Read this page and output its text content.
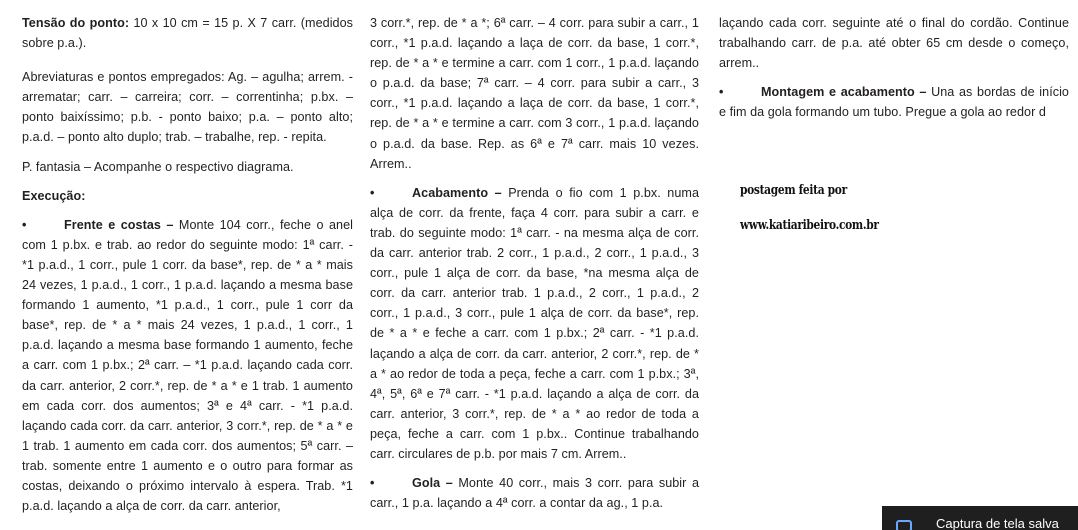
Tensão do ponto: 10 x 10 cm = 15 p. X 7 carr. (medidos sobre p.a.).

Abreviaturas e pontos empregados: Ag. – agulha; arrem. - arrematar; carr. – carreira; corr. – correntinha; p.bx. – ponto baixíssimo; p.b. - ponto baixo; p.a. – ponto alto; p.a.d. – ponto alto duplo; trab. – trabalhe, rep. - repita.

P. fantasia – Acompanhe o respectivo diagrama.

Execução:

•	Frente e costas – Monte 104 corr., feche o anel com 1 p.bx. e trab. ao redor do seguinte modo: 1ª carr. - *1 p.a.d., 1 corr., pule 1 corr. da base*, rep. de * a * mais 24 vezes, 1 p.a.d., 1 corr., 1 p.a.d. laçando a mesma base formando 1 aumento, *1 p.a.d., 1 corr., pule 1 corr da base*, rep. de * a * mais 24 vezes, 1 p.a.d., 1 corr., 1 p.a.d. laçando a mesma base formando 1 aumento, feche a carr. com 1 p.bx.; 2ª carr. – *1 p.a.d. laçando cada corr. da carr. anterior, 2 corr.*, rep. de * a * e 1 trab. 1 aumento em cada corr. dos aumentos; 3ª e 4ª carr. - *1 p.a.d. laçando cada corr. da carr. anterior, 3 corr.*, rep. de * a * e 1 trab. 1 aumento em cada corr. dos aumentos; 5ª carr. – trab. somente entre 1 aumento e o outro para formar as costas, deixando o próximo intervalo à espera. Trab. *1 p.a.d. laçando a alça de corr. da carr. anterior,

3 corr.*, rep. de * a *; 6ª carr. – 4 corr. para subir a carr., 1 corr., *1 p.a.d. laçando a laça de corr. da base, 1 corr.*, rep. de * a * e termine a carr. com 1 corr., 1 p.a.d. laçando o p.a.d. da base; 7ª carr. – 4 corr. para subir a carr., 3 corr., *1 p.a.d. laçando a laça de corr. da base, 1 corr.*, rep. de * a * e termine a carr. com 3 corr., 1 p.a.d. laçando o p.a.d. da base. Rep. as 6ª e 7ª carr. mais 10 vezes. Arrem..

•	Acabamento – Prenda o fio com 1 p.bx. numa alça de corr. da frente, faça 4 corr. para subir a carr. e trab. do seguinte modo: 1ª carr. - na mesma alça de corr. da carr. anterior trab. 2 corr., 1 p.a.d., 2 corr., 1 p.a.d., 3 corr., pule 1 alça de corr. da base, *na mesma alça de corr. da carr. anterior trab. 1 p.a.d., 2 corr., 1 p.a.d., 2 corr., 1 p.a.d., 3 corr., pule 1 alça de corr. da base*, rep. de * a * e feche a carr. com 1 p.bx.; 2ª carr. - *1 p.a.d. laçando a alça de corr. da carr. anterior, 2 corr.*, rep. de * a * ao redor de toda a peça, feche a carr. com 1 p.bx.; 3ª, 4ª, 5ª, 6ª e 7ª carr. - *1 p.a.d. laçando a alça de corr. da carr. anterior, 3 corr.*, rep. de * a * ao redor de toda a peça, feche a carr. com 1 p.bx.. Continue trabalhando carr. circulares de p.b. por mais 7 cm. Arrem..

•	Gola – Monte 40 corr., mais 3 corr. para subir a carr., 1 p.a. laçando a 4ª corr. a contar da ag., 1 p.a.

laçando cada corr. seguinte até o final do cordão. Continue trabalhando carr. de p.a. até obter 65 cm desde o começo, arrem..

•	Montagem e acabamento – Una as bordas de início e fim da gola formando um tubo. Pregue a gola ao redor d

postagem feita por
www.katiaribeiro.com.br
Captura de tela salva
